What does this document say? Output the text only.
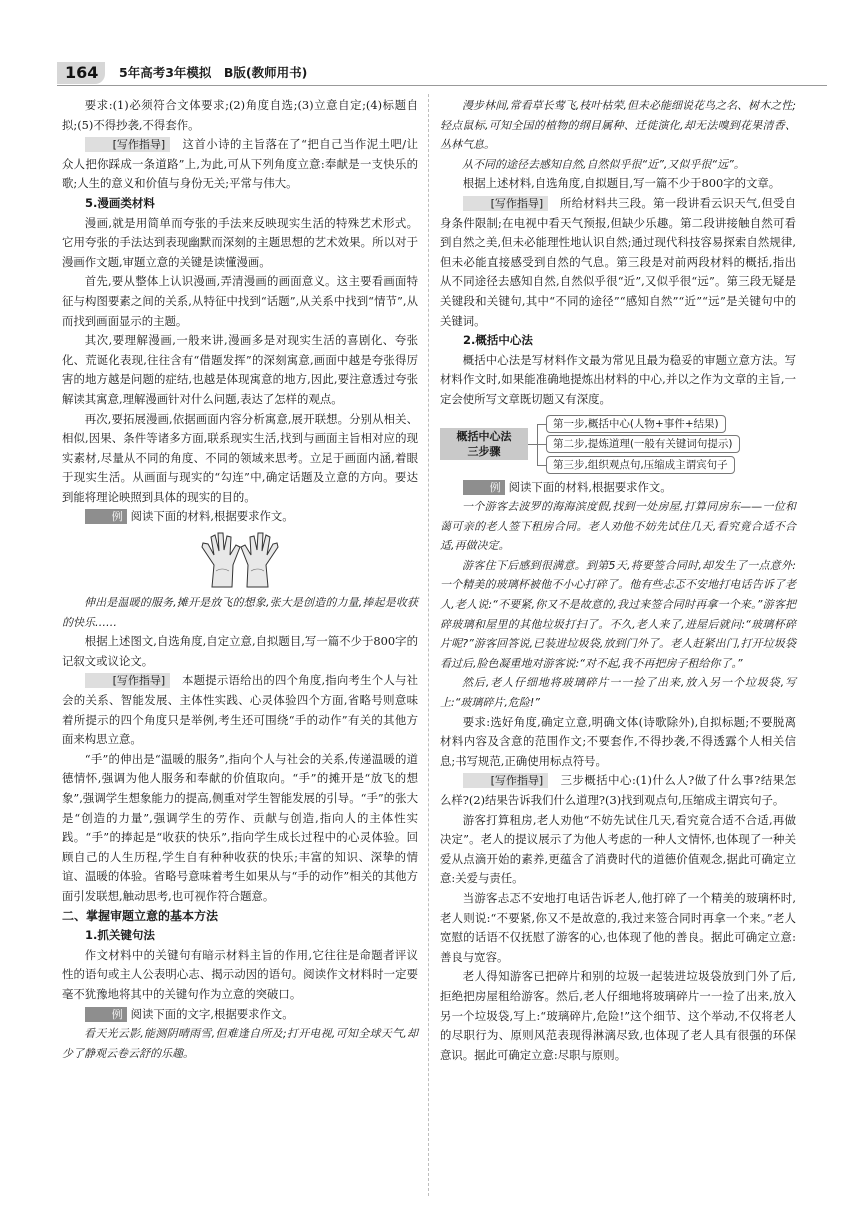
164 5年高考3年模拟　B版(教师用书)

要求:(1)必须符合文体要求;(2)角度自选;(3)立意自定;(4)标题自拟;(5)不得抄袭,不得套作。

[写作指导]　这首小诗的主旨落在了“把自己当作泥土吧/让众人把你踩成一条道路”上,为此,可从下列角度立意:奉献是一支快乐的歌;人生的意义和价值与身份无关;平常与伟大。

5.漫画类材料

漫画,就是用简单而夸张的手法来反映现实生活的特殊艺术形式。它用夸张的手法达到表现幽默而深刻的主题思想的艺术效果。所以对于漫画作文题,审题立意的关键是读懂漫画。

首先,要从整体上认识漫画,弄清漫画的画面意义。这主要看画面特征与构图要素之间的关系,从特征中找到“话题”,从关系中找到“情节”,从而找到画面显示的主题。

其次,要理解漫画,一般来讲,漫画多是对现实生活的喜剧化、夸张化、荒诞化表现,往往含有“借题发挥”的深刻寓意,画面中越是夸张得厉害的地方越是问题的症结,也越是体现寓意的地方,因此,要注意透过夸张解读其寓意,理解漫画针对什么问题,表达了怎样的观点。

再次,要拓展漫画,依据画面内容分析寓意,展开联想。分别从相关、相似,因果、条件等诸多方面,联系现实生活,找到与画面主旨相对应的现实素材,尽量从不同的角度、不同的领域来思考。立足于画面内涵,着眼于现实生活。从画面与现实的“勾连”中,确定话题及立意的方向。要达到能将理论映照到具体的现实的目的。

例 阅读下面的材料,根据要求作文。

伸出是温暖的服务,摊开是放飞的想象,张大是创造的力量,捧起是收获的快乐……

根据上述图文,自选角度,自定立意,自拟题目,写一篇不少于800字的记叙文或议论文。

[写作指导]　本题提示语给出的四个角度,指向考生个人与社会的关系、智能发展、主体性实践、心灵体验四个方面,省略号则意味着所提示的四个角度只是举例,考生还可围绕“手的动作”有关的其他方面来构思立意。

“手”的伸出是“温暖的服务”,指向个人与社会的关系,传递温暖的道德情怀,强调为他人服务和奉献的价值取向。“手”的摊开是“放飞的想象”,强调学生想象能力的提高,侧重对学生智能发展的引导。“手”的张大是“创造的力量”,强调学生的劳作、贡献与创造,指向人的主体性实践。“手”的捧起是“收获的快乐”,指向学生成长过程中的心灵体验。回顾自己的人生历程,学生自有种种收获的快乐;丰富的知识、深挚的情谊、温暖的体验。省略号意味着考生如果从与“手的动作”相关的其他方面引发联想,触动思考,也可视作符合题意。

二、掌握审题立意的基本方法
1.抓关键句法

作文材料中的关键句有暗示材料主旨的作用,它往往是命题者评议性的语句或主人公表明心志、揭示动因的语句。阅读作文材料时一定要毫不犹豫地将其中的关键句作为立意的突破口。

例 阅读下面的文字,根据要求作文。

看天光云影,能测阴晴雨雪,但难逢自所及;打开电视,可知全球天气,却少了静观云卷云舒的乐趣。

漫步林间,常看草长莺飞,枝叶枯荣,但未必能细说花鸟之名、树木之性;轻点鼠标,可知全国的植物的纲目属种、迁徙演化,却无法嗅到花果清香、丛林气息。

从不同的途径去感知自然,自然似乎很“近”,又似乎很“远”。

根据上述材料,自选角度,自拟题目,写一篇不少于800字的文章。

[写作指导]　所给材料共三段。第一段讲看云识天气,但受自身条件限制;在电视中看天气预报,但缺少乐趣。第二段讲接触自然可看到自然之美,但未必能理性地认识自然;通过现代科技容易探索自然规律,但未必能直接感受到自然的气息。第三段是对前两段材料的概括,指出从不同途径去感知自然,自然似乎很“近”,又似乎很“远”。第三段无疑是关键段和关键句,其中“不同的途径”“感知自然”“近”“远”是关键句中的关键词。

2.概括中心法

概括中心法是写材料作文最为常见且最为稳妥的审题立意方法。写材料作文时,如果能准确地提炼出材料的中心,并以之作为文章的主旨,一定会使所写文章既切题又有深度。

概括中心法
三步骤
第一步,概括中心(人物+事件+结果)
第二步,提炼道理(一般有关键词句提示)
第三步,组织观点句,压缩成主谓宾句子

例 阅读下面的材料,根据要求作文。

一个游客去波罗的海海滨度假,找到一处房屋,打算同房东——一位和蔼可亲的老人签下租房合同。老人劝他不妨先试住几天,看究竟合适不合适,再做决定。

游客住下后感到很满意。到第5天,将要签合同时,却发生了一点意外:一个精美的玻璃杯被他不小心打碎了。他有些忐忑不安地打电话告诉了老人,老人说:“不要紧,你又不是故意的,我过来签合同时再拿一个来。”游客把碎玻璃和屋里的其他垃圾打扫了。不久,老人来了,进屋后就问:“玻璃杯碎片呢?”游客回答说,已装进垃圾袋,放到门外了。老人赶紧出门,打开垃圾袋看过后,脸色凝重地对游客说:“对不起,我不再把房子租给你了。”

然后,老人仔细地将玻璃碎片一一捡了出来,放入另一个垃圾袋,写上:“玻璃碎片,危险!”

要求:选好角度,确定立意,明确文体(诗歌除外),自拟标题;不要脱离材料内容及含意的范围作文;不要套作,不得抄袭,不得透露个人相关信息;书写规范,正确使用标点符号。

[写作指导]　三步概括中心:(1)什么人?做了什么事?结果怎么样?(2)结果告诉我们什么道理?(3)找到观点句,压缩成主谓宾句子。

游客打算租房,老人劝他“不妨先试住几天,看究竟合适不合适,再做决定”。老人的提议展示了为他人考虑的一种人文情怀,也体现了一种关爱从点滴开始的素养,更蕴含了消费时代的道德价值观念,据此可确定立意:关爱与责任。

当游客忐忑不安地打电话告诉老人,他打碎了一个精美的玻璃杯时,老人则说:“不要紧,你又不是故意的,我过来签合同时再拿一个来。”老人宽慰的话语不仅抚慰了游客的心,也体现了他的善良。据此可确定立意:善良与宽容。

老人得知游客已把碎片和别的垃圾一起装进垃圾袋放到门外了后,拒绝把房屋租给游客。然后,老人仔细地将玻璃碎片一一捡了出来,放入另一个垃圾袋,写上:“玻璃碎片,危险!”这个细节、这个举动,不仅将老人的尽职行为、原则风范表现得淋漓尽致,也体现了老人具有很强的环保意识。据此可确定立意:尽职与原则。
